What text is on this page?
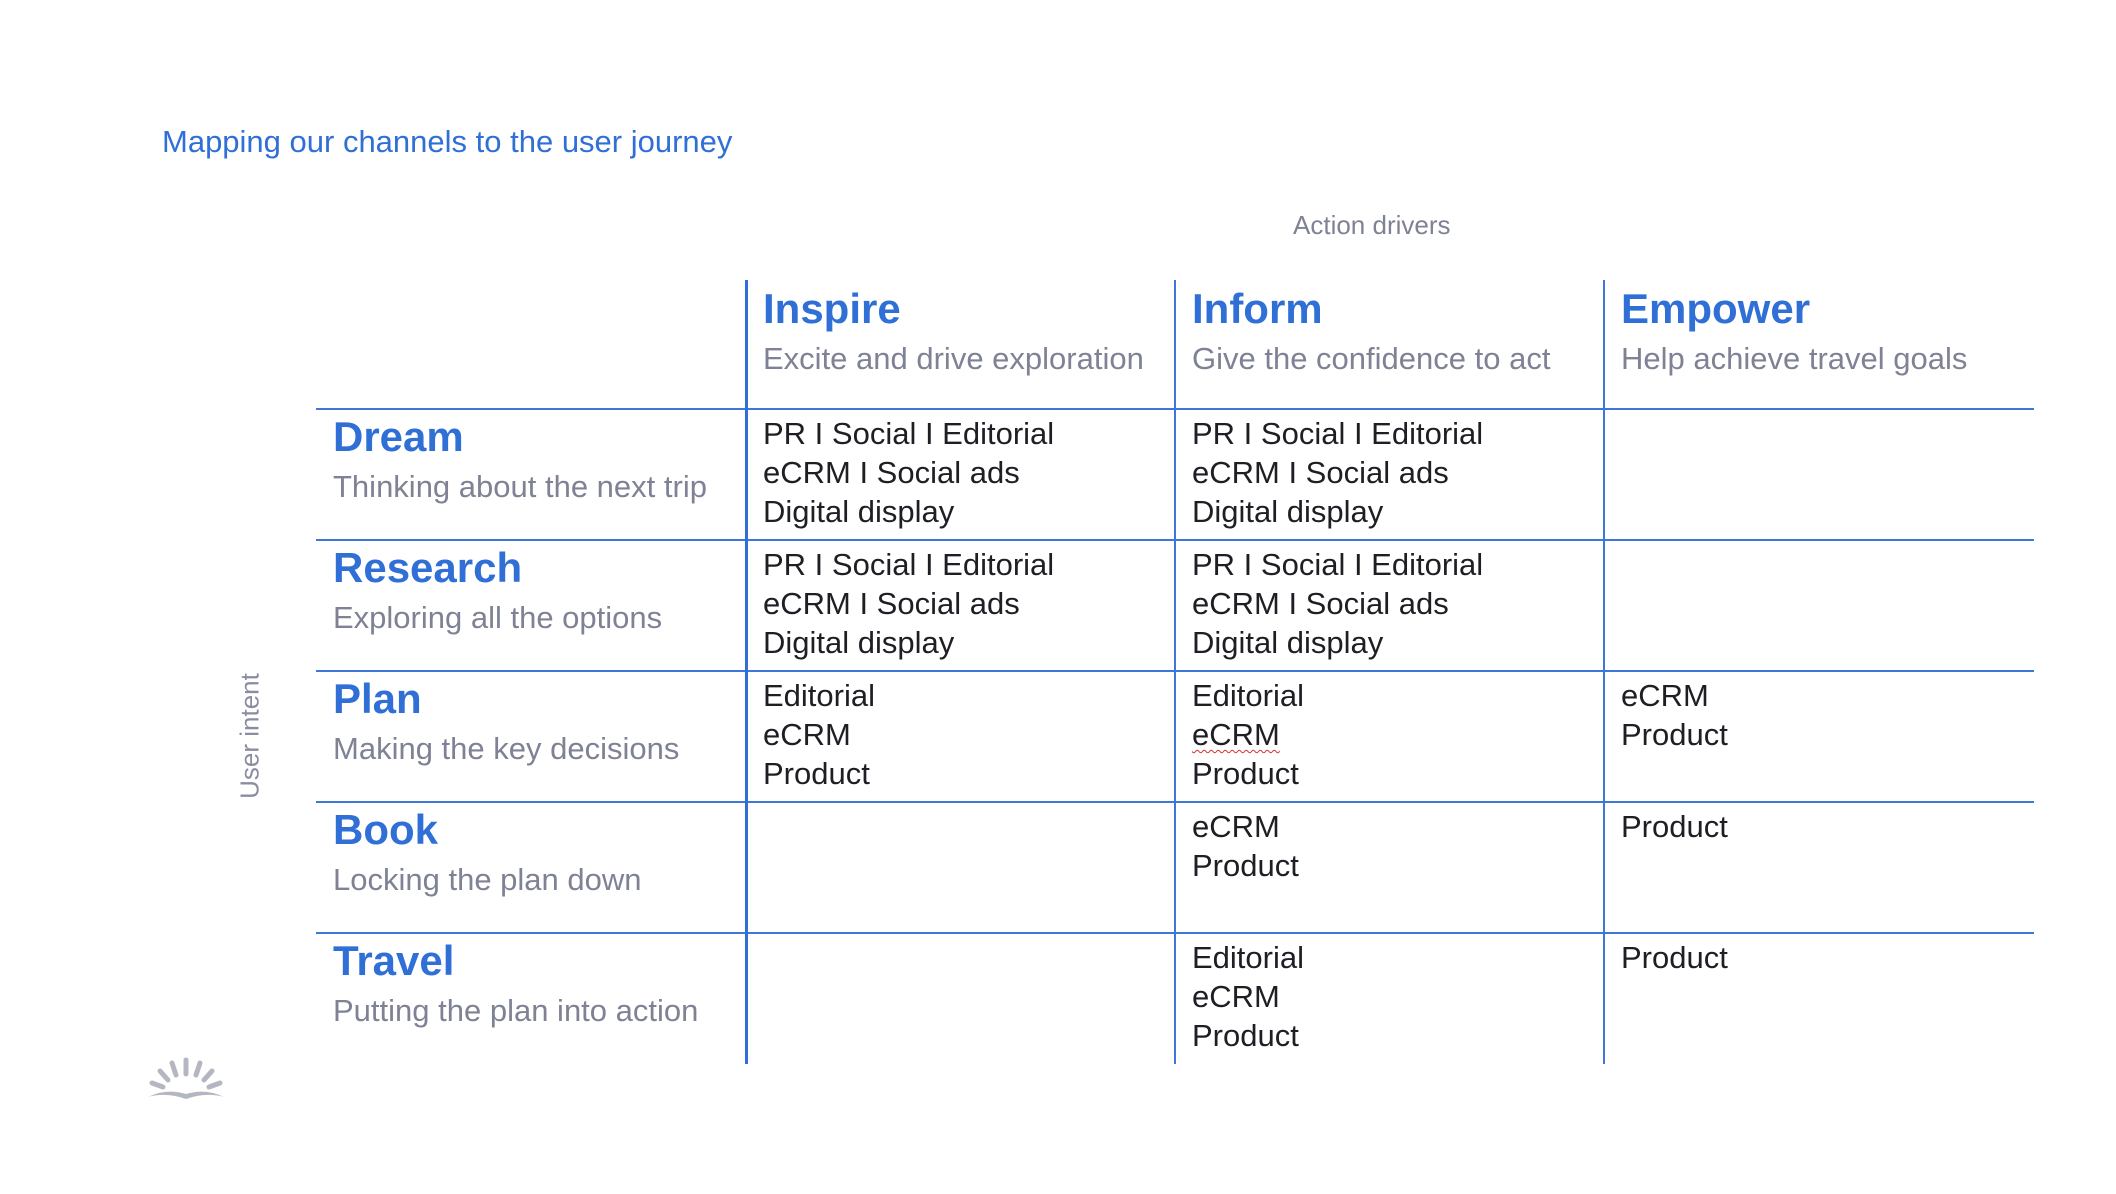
Mapping our channels to the user journey
Action drivers
User intent
Inspire
Excite and drive exploration
Inform
Give the confidence to act
Empower
Help achieve travel goals
Dream
Thinking about the next trip
Research
Exploring all the options
Plan
Making the key decisions
Book
Locking the plan down
Travel
Putting the plan into action
PR I Social I Editorial
eCRM I Social ads
Digital display
PR I Social I Editorial
eCRM I Social ads
Digital display
PR I Social I Editorial
eCRM I Social ads
Digital display
PR I Social I Editorial
eCRM I Social ads
Digital display
Editorial
eCRM
Product
Editorial
eCRM
Product
eCRM
Product
eCRM
Product
Product
Editorial
eCRM
Product
Product
